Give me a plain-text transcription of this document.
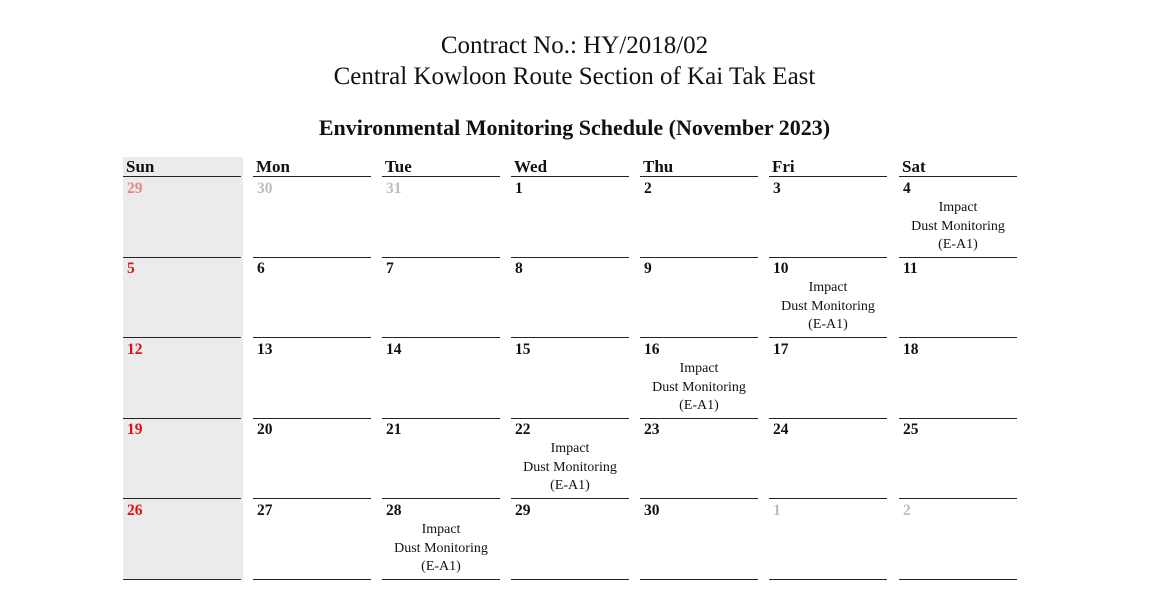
Contract No.: HY/2018/02
Central Kowloon Route Section of Kai Tak East
Environmental Monitoring Schedule (November 2023)
Sun
29
5
12
19
26
Mon
30
6
13
20
27
Tue
31
7
14
21
28
Impact
Dust Monitoring
(E-A1)
Wed
1
8
15
22
Impact
Dust Monitoring
(E-A1)
29
Thu
2
9
16
Impact
Dust Monitoring
(E-A1)
23
30
Fri
3
10
Impact
Dust Monitoring
(E-A1)
17
24
1
Sat
4
Impact
Dust Monitoring
(E-A1)
11
18
25
2
